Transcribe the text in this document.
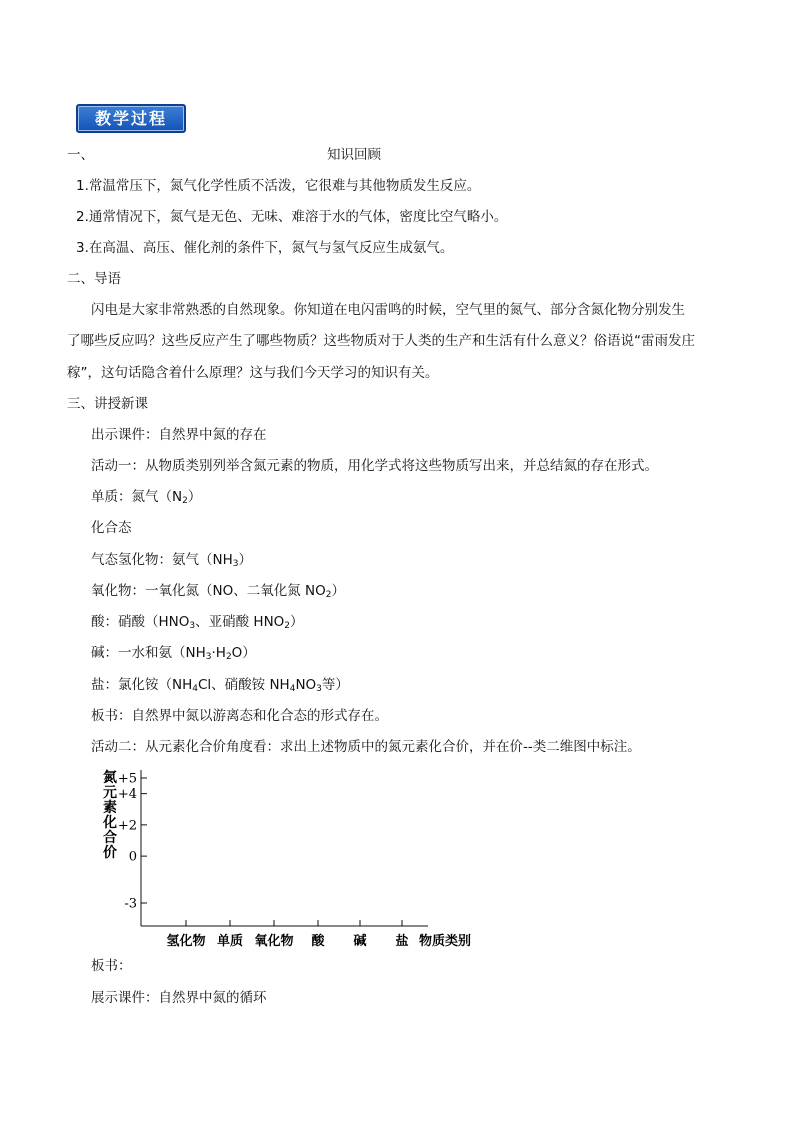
教学过程
一、	知识回顾
1.常温常压下，氮气化学性质不活泼，它很难与其他物质发生反应。
2.通常情况下，氮气是无色、无味、难溶于水的气体，密度比空气略小。
3.在高温、高压、催化剂的条件下，氮气与氢气反应生成氨气。
二、导语
闪电是大家非常熟悉的自然现象。你知道在电闪雷鸣的时候，空气里的氮气、部分含氮化物分别发生
了哪些反应吗？这些反应产生了哪些物质？这些物质对于人类的生产和生活有什么意义？俗语说“雷雨发庄
稼”，这句话隐含着什么原理？这与我们今天学习的知识有关。
三、讲授新课
出示课件：自然界中氮的存在
活动一：从物质类别列举含氮元素的物质，用化学式将这些物质写出来，并总结氮的存在形式。
单质：氮气$(N_2)$
化合态
气态氢化物：氨气$(NH_3)$
氧化物：一氧化氮（NO、二氧化氮 $NO_2$）
酸：硝酸（$HNO_3$、亚硝酸 $HNO_2$）
碱：一水和氨$(NH_3\cdot H_2O)$
盐：氯化铵（$NH_4Cl$、硝酸铵 $NH_4NO_3$等）
板书：自然界中氮以游离态和化合态的形式存在。
活动二：从元素化合价角度看：求出上述物质中的氮元素化合价，并在价--类二维图中标注。
氮
元
素
化
合
价
+5
+4
+2
0
-3
氢化物 单质 氧化物 酸 碱 盐 物质类别
板书：
展示课件：自然界中氮的循环
